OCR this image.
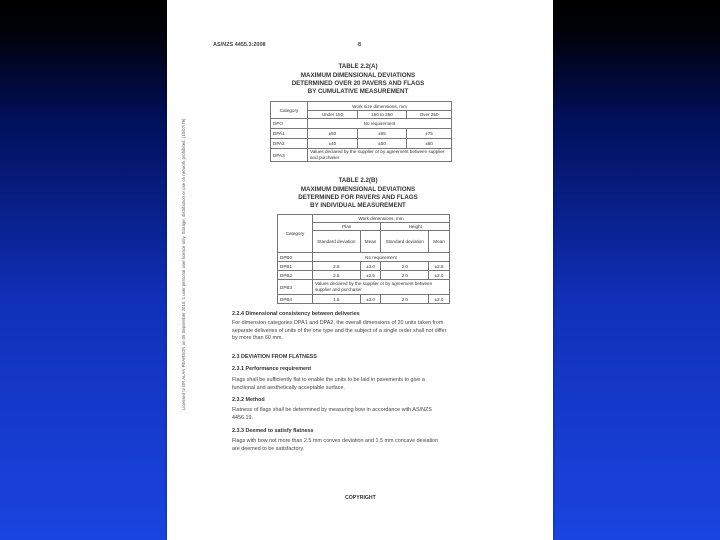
Licensed to DR ALAN PEARSON on 05 September 2010. 1 user personal user licence only. Storage, distribution or use on network prohibited. (10/07/79)
AS/NZS 4455.3:2008	8
TABLE 2.2(A)
MAXIMUM DIMENSIONAL DEVIATIONS
DETERMINED OVER 20 PAVERS AND FLAGS
BY CUMULATIVE MEASUREMENT
Category	Work size dimensions, mm		
	Under 150	150 to 250	Over 250
DPO	No requirement		
DPA1	±50	±65	±75
DPA2	±40	±50	±60
DPA3	Values declared by the supplier or by agreement between supplier and purchaser		
TABLE 2.2(B)
MAXIMUM DIMENSIONAL DEVIATIONS
DETERMINED FOR PAVERS AND FLAGS
BY INDIVIDUAL MEASUREMENT
Category	Work dimensions, mm			
	Plan		Height	
	Standard deviation	Mean	Standard deviation	Mean
DPB0	No requirement			
DPB1	2.5	±3.0	2.0	±2.5
DPB2	2.5	±2.5	2.0	±2.0
DPB3	Values declared by the supplier or by agreement between supplier and purchaser			
DPB4	1.5	±3.0	2.0	±2.0
2.2.4 Dimensional consistency between deliveries
For dimension categories DPA1 and DPA2, the overall dimensions of 20 units taken from separate deliveries of units of the one type and the subject of a single order shall not differ by more than 60 mm.
2.3 DEVIATION FROM FLATNESS
2.3.1 Performance requirement
Flags shall be sufficiently flat to enable the units to be laid in pavements to give a functional and aesthetically acceptable surface.
2.3.2 Method
Flatness of flags shall be determined by measuring bow in accordance with AS/NZS 4456.19.
2.3.3 Deemed to satisfy flatness
Flags with bow not more than 2.5 mm convex deviation and 1.5 mm concave deviation are deemed to be satisfactory.
COPYRIGHT
